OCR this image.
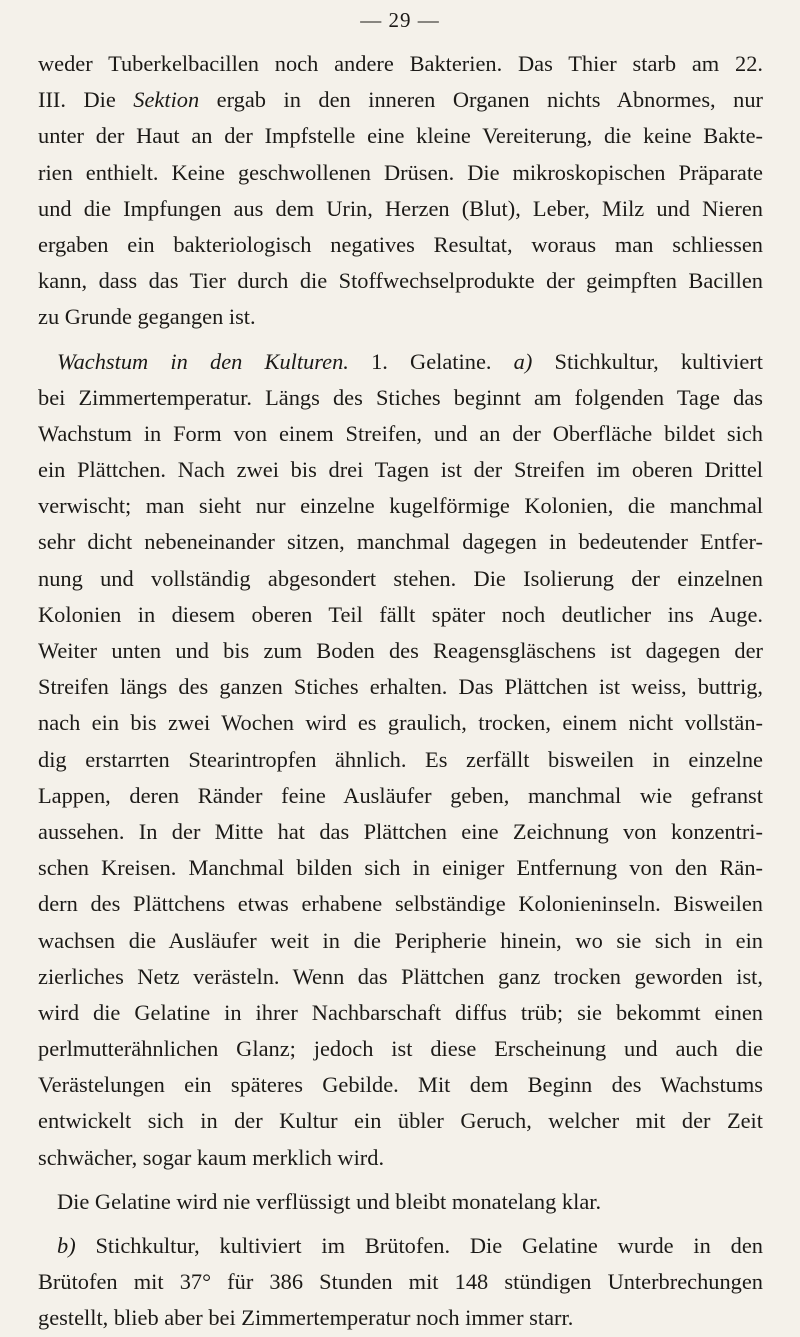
— 29 —
weder Tuberkelbacillen noch andere Bakterien. Das Thier starb am 22.
III. Die Sektion ergab in den inneren Organen nichts Abnormes, nur
unter der Haut an der Impfstelle eine kleine Vereiterung, die keine Bakte-
rien enthielt. Keine geschwollenen Drüsen. Die mikroskopischen Präparate
und die Impfungen aus dem Urin, Herzen (Blut), Leber, Milz und Nieren
ergaben ein bakteriologisch negatives Resultat, woraus man schliessen
kann, dass das Tier durch die Stoffwechselprodukte der geimpften Bacillen
zu Grunde gegangen ist.
Wachstum in den Kulturen. 1. Gelatine. a) Stichkultur, kultiviert
bei Zimmertemperatur. Längs des Stiches beginnt am folgenden Tage das
Wachstum in Form von einem Streifen, und an der Oberfläche bildet sich
ein Plättchen. Nach zwei bis drei Tagen ist der Streifen im oberen Drittel
verwischt; man sieht nur einzelne kugelförmige Kolonien, die manchmal
sehr dicht nebeneinander sitzen, manchmal dagegen in bedeutender Entfer-
nung und vollständig abgesondert stehen. Die Isolierung der einzelnen
Kolonien in diesem oberen Teil fällt später noch deutlicher ins Auge.
Weiter unten und bis zum Boden des Reagensgläschens ist dagegen der
Streifen längs des ganzen Stiches erhalten. Das Plättchen ist weiss, buttrig,
nach ein bis zwei Wochen wird es graulich, trocken, einem nicht vollstän-
dig erstarrten Stearintropfen ähnlich. Es zerfällt bisweilen in einzelne
Lappen, deren Ränder feine Ausläufer geben, manchmal wie gefranst
aussehen. In der Mitte hat das Plättchen eine Zeichnung von konzentri-
schen Kreisen. Manchmal bilden sich in einiger Entfernung von den Rän-
dern des Plättchens etwas erhabene selbständige Kolonieninseln. Bisweilen
wachsen die Ausläufer weit in die Peripherie hinein, wo sie sich in ein
zierliches Netz verästeln. Wenn das Plättchen ganz trocken geworden ist,
wird die Gelatine in ihrer Nachbarschaft diffus trüb; sie bekommt einen
perlmutterähnlichen Glanz; jedoch ist diese Erscheinung und auch die
Verästelungen ein späteres Gebilde. Mit dem Beginn des Wachstums
entwickelt sich in der Kultur ein übler Geruch, welcher mit der Zeit
schwächer, sogar kaum merklich wird.
Die Gelatine wird nie verflüssigt und bleibt monatelang klar.
b) Stichkultur, kultiviert im Brütofen. Die Gelatine wurde in den
Brütofen mit 37° für 386 Stunden mit 148 stündigen Unterbrechungen
gestellt, blieb aber bei Zimmertemperatur noch immer starr.
